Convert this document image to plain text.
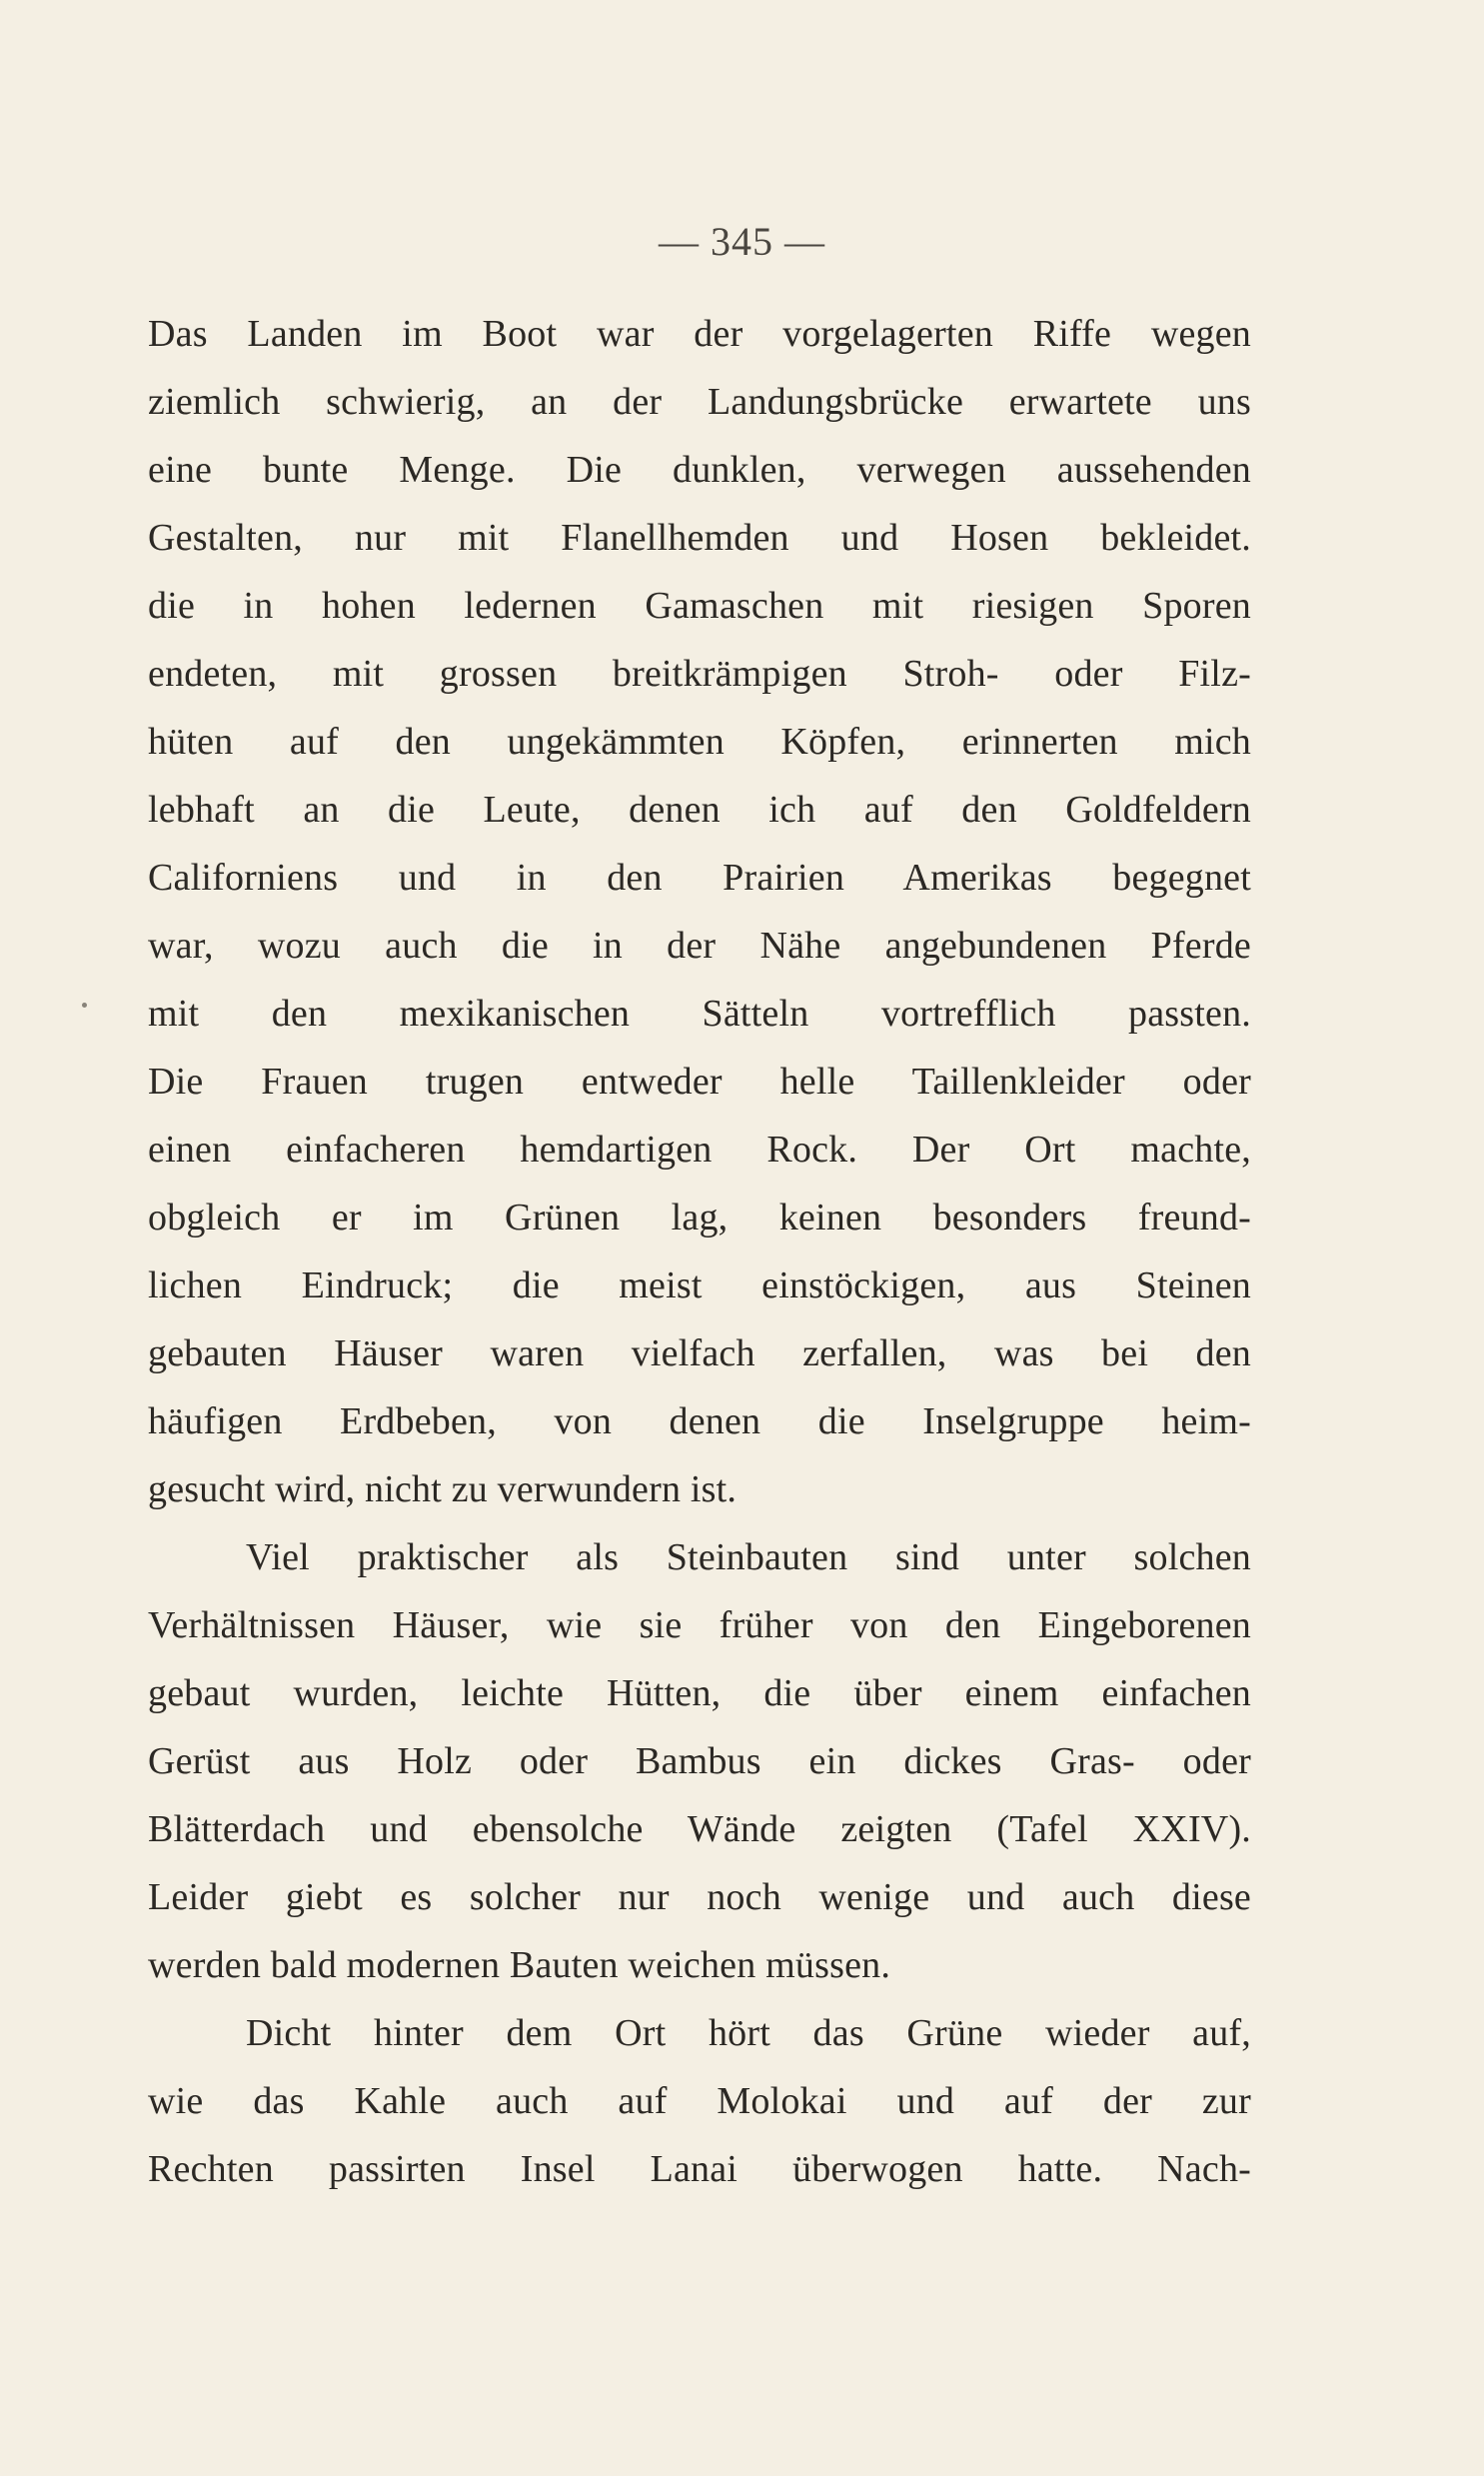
— 345 —
Das Landen im Boot war der vorgelagerten Riffe wegen
ziemlich schwierig, an der Landungsbrücke erwartete uns
eine bunte Menge. Die dunklen, verwegen aussehenden
Gestalten, nur mit Flanellhemden und Hosen bekleidet.
die in hohen ledernen Gamaschen mit riesigen Sporen
endeten, mit grossen breitkrämpigen Stroh- oder Filz-
hüten auf den ungekämmten Köpfen, erinnerten mich
lebhaft an die Leute, denen ich auf den Goldfeldern
Californiens und in den Prairien Amerikas begegnet
war, wozu auch die in der Nähe angebundenen Pferde
mit den mexikanischen Sätteln vortrefflich passten.
Die Frauen trugen entweder helle Taillenkleider oder
einen einfacheren hemdartigen Rock. Der Ort machte,
obgleich er im Grünen lag, keinen besonders freund-
lichen Eindruck; die meist einstöckigen, aus Steinen
gebauten Häuser waren vielfach zerfallen, was bei den
häufigen Erdbeben, von denen die Inselgruppe heim-
gesucht wird, nicht zu verwundern ist.
Viel praktischer als Steinbauten sind unter solchen
Verhältnissen Häuser, wie sie früher von den Eingeborenen
gebaut wurden, leichte Hütten, die über einem einfachen
Gerüst aus Holz oder Bambus ein dickes Gras- oder
Blätterdach und ebensolche Wände zeigten (Tafel XXIV).
Leider giebt es solcher nur noch wenige und auch diese
werden bald modernen Bauten weichen müssen.
Dicht hinter dem Ort hört das Grüne wieder auf,
wie das Kahle auch auf Molokai und auf der zur
Rechten passirten Insel Lanai überwogen hatte. Nach-
